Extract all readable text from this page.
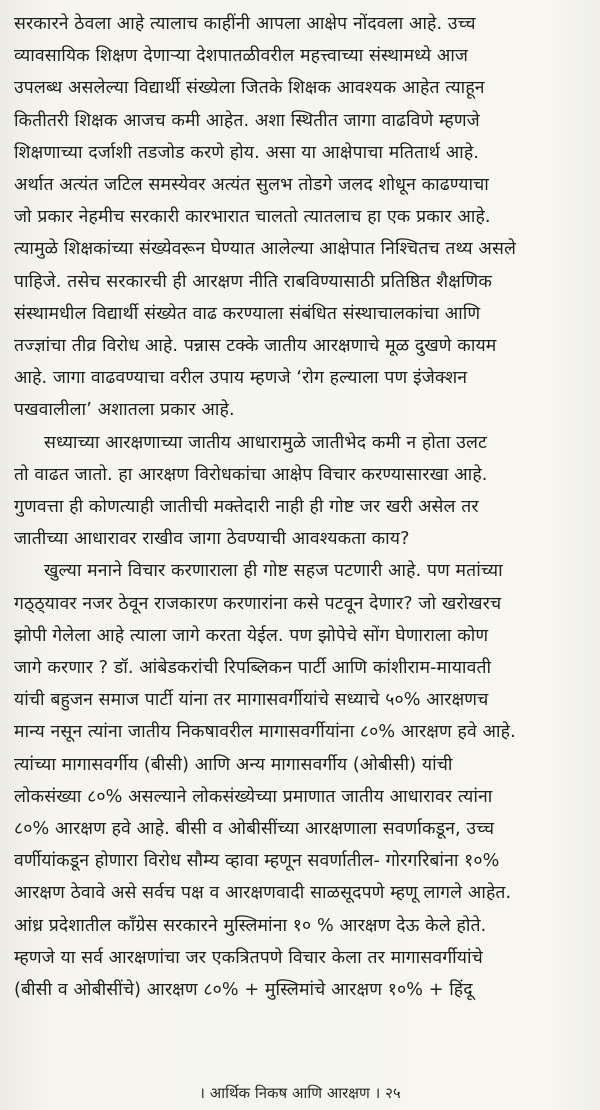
सरकारने ठेवला आहे त्यालाच काहींनी आपला आक्षेप नोंदवला आहे. उच्च
व्यावसायिक शिक्षण देणाऱ्या देशपातळीवरील महत्त्वाच्या संस्थामध्ये आज
उपलब्ध असलेल्या विद्यार्थी संख्येला जितके शिक्षक आवश्यक आहेत त्याहून
कितीतरी शिक्षक आजच कमी आहेत. अशा स्थितीत जागा वाढविणे म्हणजे
शिक्षणाच्या दर्जाशी तडजोड करणे होय. असा या आक्षेपाचा मतितार्थ आहे.
अर्थात अत्यंत जटिल समस्येवर अत्यंत सुलभ तोडगे जलद शोधून काढण्याचा
जो प्रकार नेहमीच सरकारी कारभारात चालतो त्यातलाच हा एक प्रकार आहे.
त्यामुळे शिक्षकांच्या संख्येवरून घेण्यात आलेल्या आक्षेपात निश्चितच तथ्य असले
पाहिजे. तसेच सरकारची ही आरक्षण नीति राबविण्यासाठी प्रतिष्ठित शैक्षणिक
संस्थामधील विद्यार्थी संख्येत वाढ करण्याला संबंधित संस्थाचालकांचा आणि
तज्ज्ञांचा तीव्र विरोध आहे. पन्नास टक्के जातीय आरक्षणाचे मूळ दुखणे कायम
आहे. जागा वाढवण्याचा वरील उपाय म्हणजे ‘रोग हल्याला पण इंजेक्शन
पखवालीला’ अशातला प्रकार आहे.
सध्याच्या आरक्षणाच्या जातीय आधारामुळे जातीभेद कमी न होता उलट
तो वाढत जातो. हा आरक्षण विरोधकांचा आक्षेप विचार करण्यासारखा आहे.
गुणवत्ता ही कोणत्याही जातीची मक्तेदारी नाही ही गोष्ट जर खरी असेल तर
जातीच्या आधारावर राखीव जागा ठेवण्याची आवश्यकता काय?
खुल्या मनाने विचार करणाराला ही गोष्ट सहज पटणारी आहे. पण मतांच्या
गठ्ठ्यावर नजर ठेवून राजकारण करणारांना कसे पटवून देणार? जो खरोखरच
झोपी गेलेला आहे त्याला जागे करता येईल. पण झोपेचे सोंग घेणाराला कोण
जागे करणार ? डॉ. आंबेडकरांची रिपब्लिकन पार्टी आणि कांशीराम-मायावती
यांची बहुजन समाज पार्टी यांना तर मागासवर्गीयांचे सध्याचे ५०% आरक्षणच
मान्य नसून त्यांना जातीय निकषावरील मागासवर्गीयांना ८०% आरक्षण हवे आहे.
त्यांच्या मागासवर्गीय (बीसी) आणि अन्य मागासवर्गीय (ओबीसी) यांची
लोकसंख्या ८०% असल्याने लोकसंख्येच्या प्रमाणात जातीय आधारावर त्यांना
८०% आरक्षण हवे आहे. बीसी व ओबीसींच्या आरक्षणाला सवर्णाकडून, उच्च
वर्णीयांकडून होणारा विरोध सौम्य व्हावा म्हणून सवर्णातील- गोरगरिबांना १०%
आरक्षण ठेवावे असे सर्वच पक्ष व आरक्षणवादी साळसूदपणे म्हणू लागले आहेत.
आंध्र प्रदेशातील काँग्रेस सरकारने मुस्लिमांना १० % आरक्षण देऊ केले होते.
म्हणजे या सर्व आरक्षणांचा जर एकत्रितपणे विचार केला तर मागासवर्गीयांचे
(बीसी व ओबीसींचे) आरक्षण ८०% + मुस्लिमांचे आरक्षण १०% + हिंदू
। आर्थिक निकष आणि आरक्षण । २५
